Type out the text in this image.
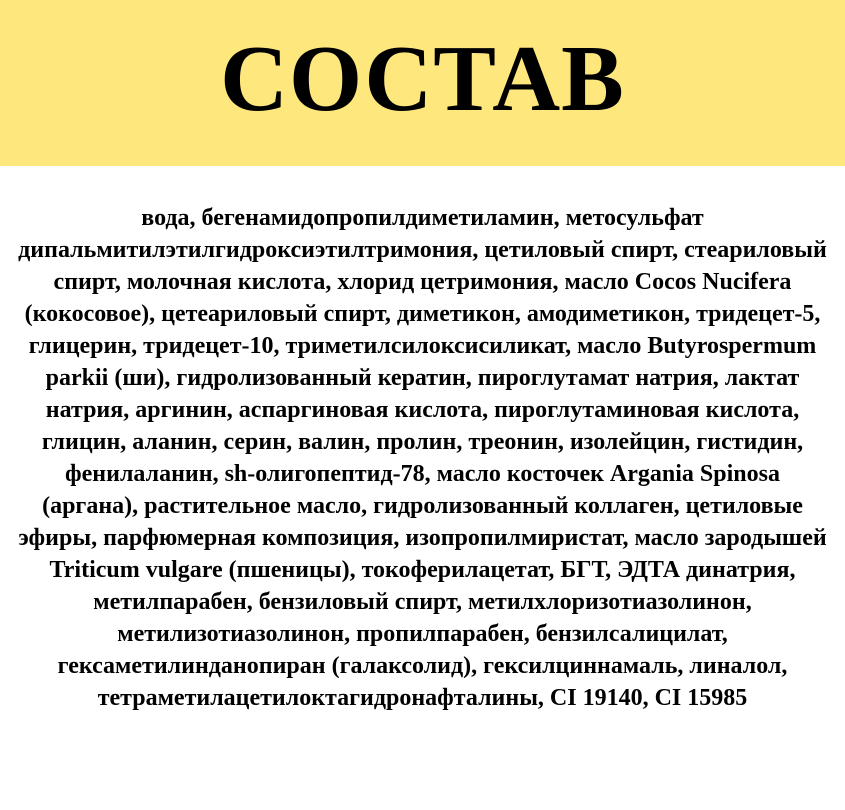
СОСТАВ

вода, бегенамидопропилдиметиламин, метосульфат дипальмитилэтилгидроксиэтилтримония, цетиловый спирт, стеариловый спирт, молочная кислота, хлорид цетримония, масло Cocos Nucifera (кокосовое), цетеариловый спирт, диметикон, амодиметикон, тридецет-5, глицерин, тридецет-10, триметилсилоксисиликат, масло Butyrospermum parkii (ши), гидролизованный кератин, пироглутамат натрия, лактат натрия, аргинин, аспаргиновая кислота, пироглутаминовая кислота, глицин, аланин, серин, валин, пролин, треонин, изолейцин, гистидин, фенилаланин, sh-олигопептид-78, масло косточек Argania Spinosa (аргана), растительное масло, гидролизованный коллаген, цетиловые эфиры, парфюмерная композиция, изопропилмиристат, масло зародышей Triticum vulgare (пшеницы), токоферилацетат, БГТ, ЭДТА динатрия, метилпарабен, бензиловый спирт, метилхлоризотиазолинон, метилизотиазолинон, пропилпарабен, бензилсалицилат, гексаметилинданопиран (галаксолид), гексилциннамаль, линалол, тетраметилацетилоктагидронафталины, CI 19140, CI 15985
